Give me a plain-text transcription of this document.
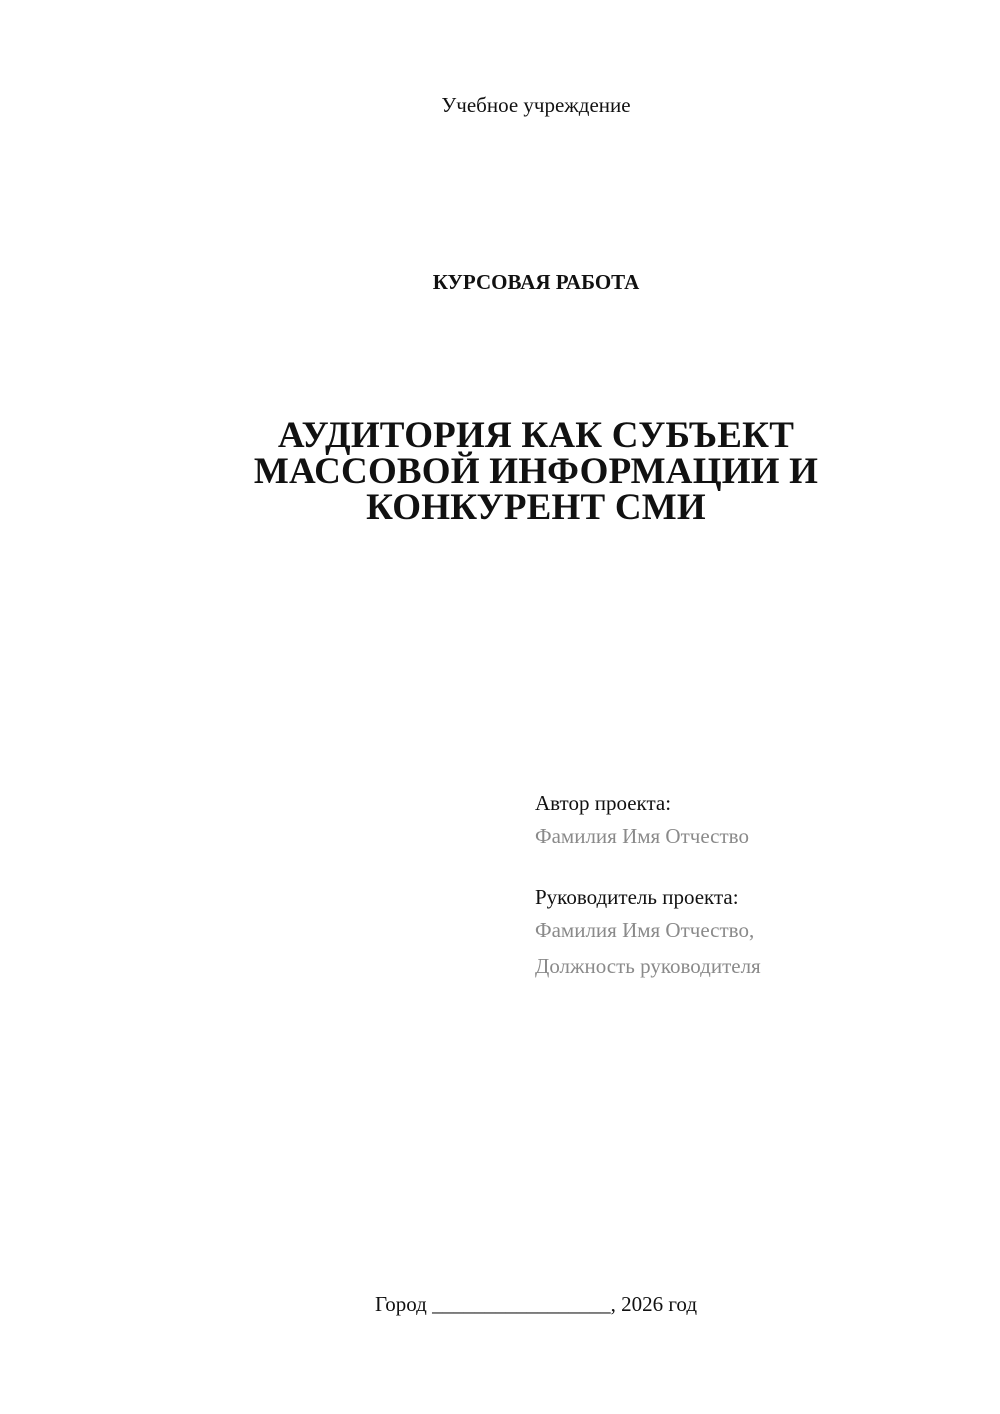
Учебное учреждение
КУРСОВАЯ РАБОТА
АУДИТОРИЯ КАК СУБЪЕКТ
МАССОВОЙ ИНФОРМАЦИИ И
КОНКУРЕНТ СМИ
Автор проекта:
Фамилия Имя Отчество
Руководитель проекта:
Фамилия Имя Отчество,
Должность руководителя
Город _________________, 2026 год
